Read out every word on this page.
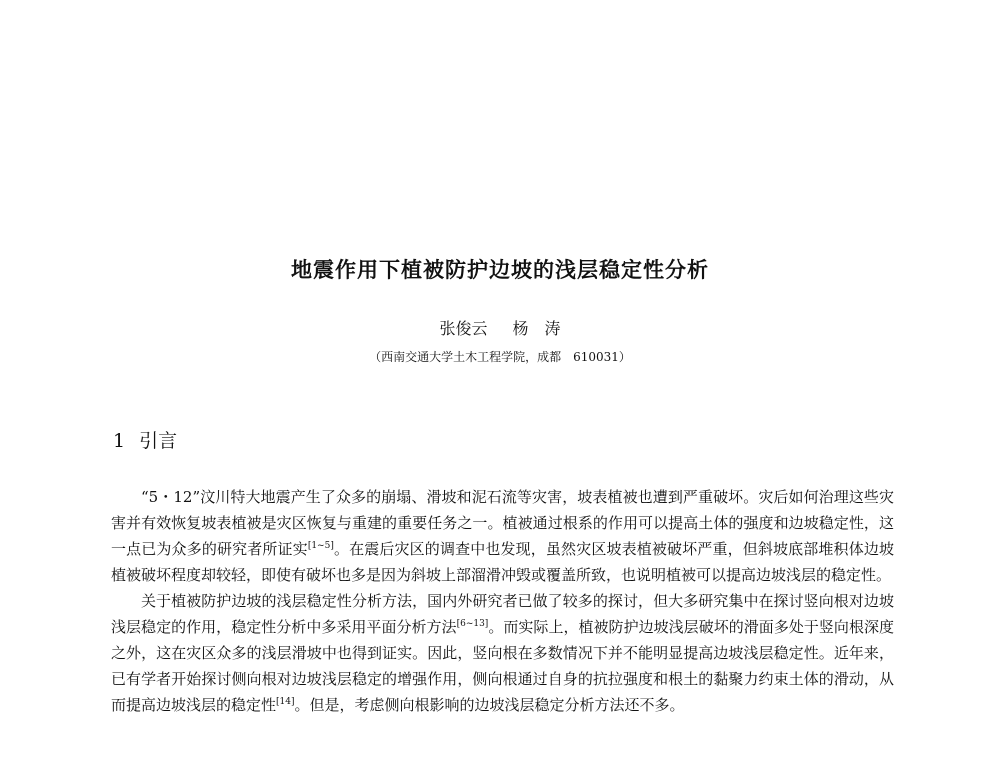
地震作用下植被防护边坡的浅层稳定性分析
张俊云 杨　涛
（西南交通大学土木工程学院，成都　610031）
1 引言

“5・12”汶川特大地震产生了众多的崩塌、滑坡和泥石流等灾害，坡表植被也遭到严重破坏。灾后如何治理这些灾害并有效恢复坡表植被是灾区恢复与重建的重要任务之一。植被通过根系的作用可以提高土体的强度和边坡稳定性，这一点已为众多的研究者所证实[1~5]。在震后灾区的调查中也发现，虽然灾区坡表植被破坏严重，但斜坡底部堆积体边坡植被破坏程度却较轻，即使有破坏也多是因为斜坡上部溜滑冲毁或覆盖所致，也说明植被可以提高边坡浅层的稳定性。

关于植被防护边坡的浅层稳定性分析方法，国内外研究者已做了较多的探讨，但大多研究集中在探讨竖向根对边坡浅层稳定的作用，稳定性分析中多采用平面分析方法[6~13]。而实际上，植被防护边坡浅层破坏的滑面多处于竖向根深度之外，这在灾区众多的浅层滑坡中也得到证实。因此，竖向根在多数情况下并不能明显提高边坡浅层稳定性。近年来，已有学者开始探讨侧向根对边坡浅层稳定的增强作用，侧向根通过自身的抗拉强度和根土的黏聚力约束土体的滑动，从而提高边坡浅层的稳定性[14]。但是，考虑侧向根影响的边坡浅层稳定分析方法还不多。
